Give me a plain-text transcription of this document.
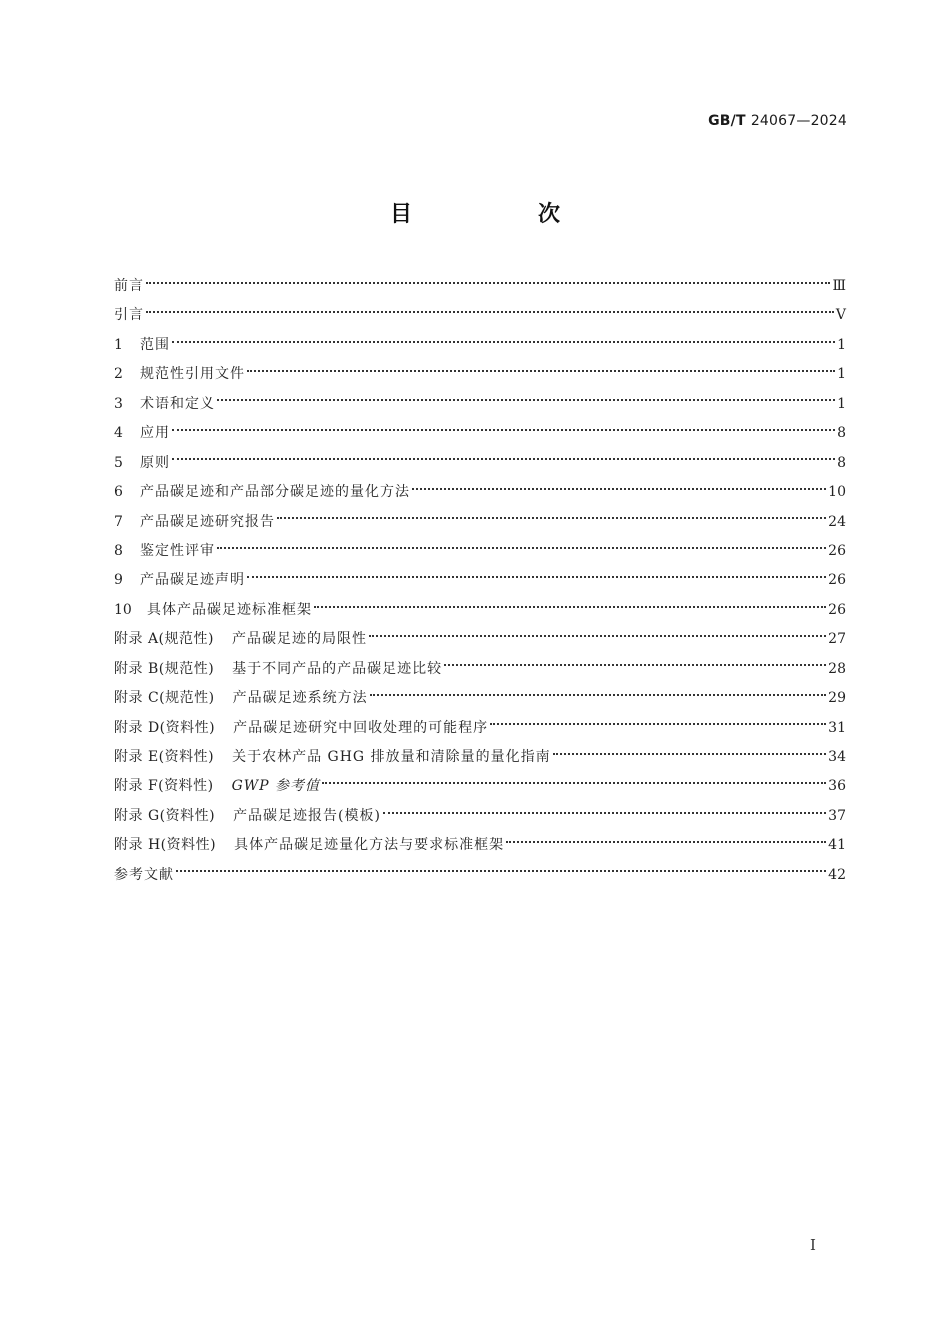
GB/T 24067—2024
目　次
前言	Ⅲ
引言	Ⅴ
1	范围	1
2	规范性引用文件	1
3	术语和定义	1
4	应用	8
5	原则	8
6	产品碳足迹和产品部分碳足迹的量化方法	10
7	产品碳足迹研究报告	24
8	鉴定性评审	26
9	产品碳足迹声明	26
10	具体产品碳足迹标准框架	26
附录 A(规范性) 产品碳足迹的局限性	27
附录 B(规范性) 基于不同产品的产品碳足迹比较	28
附录 C(规范性) 产品碳足迹系统方法	29
附录 D(资料性) 产品碳足迹研究中回收处理的可能程序	31
附录 E(资料性) 关于农林产品 GHG 排放量和清除量的量化指南	34
附录 F(资料性) GWP 参考值	36
附录 G(资料性) 产品碳足迹报告(模板)	37
附录 H(资料性) 具体产品碳足迹量化方法与要求标准框架	41
参考文献	42
I
